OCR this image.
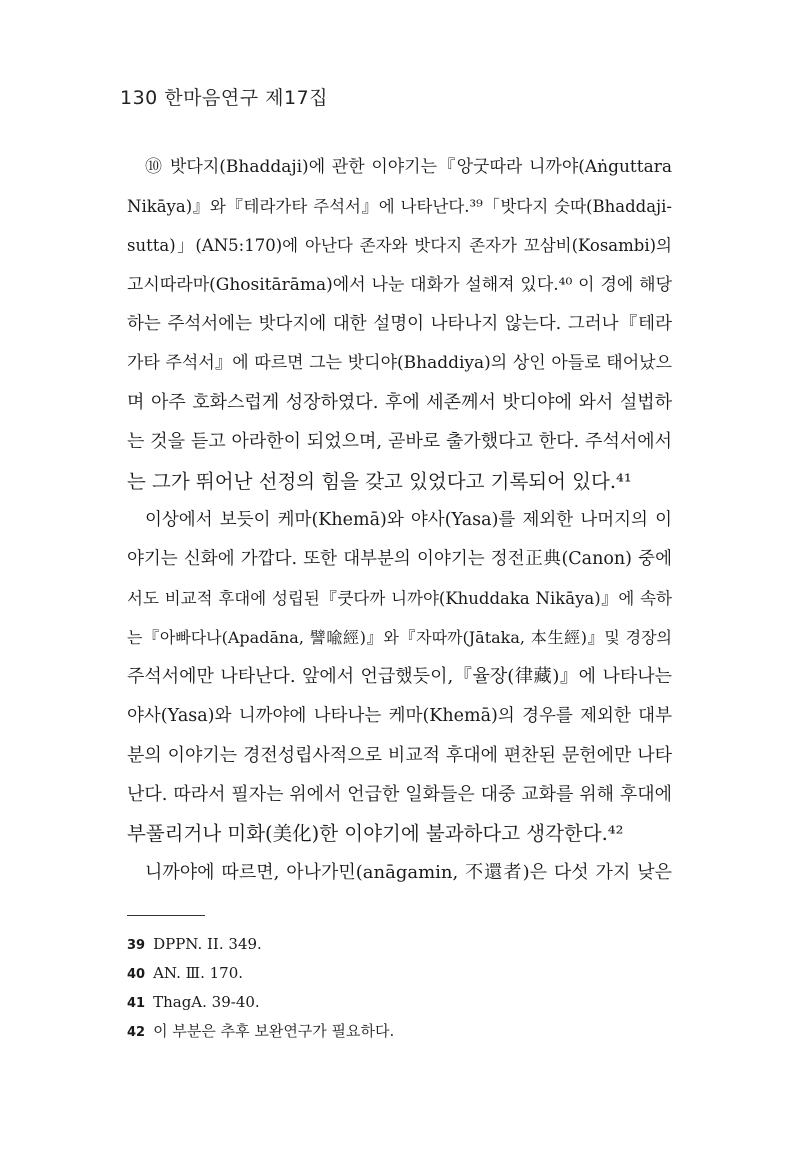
130 한마음연구 제17집
⑩ 밧다지(Bhaddaji)에 관한 이야기는『앙굿따라 니까야(Aṅguttara
Nikāya)』와『테라가타 주석서』에 나타난다.³⁹「밧다지 숫따(Bhaddaji-
sutta)」(AN5:170)에 아난다 존자와 밧다지 존자가 꼬삼비(Kosambi)의
고시따라마(Ghositārāma)에서 나눈 대화가 설해져 있다.⁴⁰ 이 경에 해당
하는 주석서에는 밧다지에 대한 설명이 나타나지 않는다. 그러나『테라
가타 주석서』에 따르면 그는 밧디야(Bhaddiya)의 상인 아들로 태어났으
며 아주 호화스럽게 성장하였다. 후에 세존께서 밧디야에 와서 설법하
는 것을 듣고 아라한이 되었으며, 곧바로 출가했다고 한다. 주석서에서
는 그가 뛰어난 선정의 힘을 갖고 있었다고 기록되어 있다.⁴¹
이상에서 보듯이 케마(Khemā)와 야사(Yasa)를 제외한 나머지의 이
야기는 신화에 가깝다. 또한 대부분의 이야기는 정전正典(Canon) 중에
서도 비교적 후대에 성립된『쿳다까 니까야(Khuddaka Nikāya)』에 속하
는『아빠다나(Apadāna, 譬喩經)』와『자따까(Jātaka, 本生經)』및 경장의
주석서에만 나타난다. 앞에서 언급했듯이,『율장(律藏)』에 나타나는
야사(Yasa)와 니까야에 나타나는 케마(Khemā)의 경우를 제외한 대부
분의 이야기는 경전성립사적으로 비교적 후대에 편찬된 문헌에만 나타
난다. 따라서 필자는 위에서 언급한 일화들은 대중 교화를 위해 후대에
부풀리거나 미화(美化)한 이야기에 불과하다고 생각한다.⁴²
니까야에 따르면, 아나가민(anāgamin, 不還者)은 다섯 가지 낮은
39 DPPN. II. 349.
40 AN. Ⅲ. 170.
41 ThagA. 39-40.
42 이 부분은 추후 보완연구가 필요하다.
